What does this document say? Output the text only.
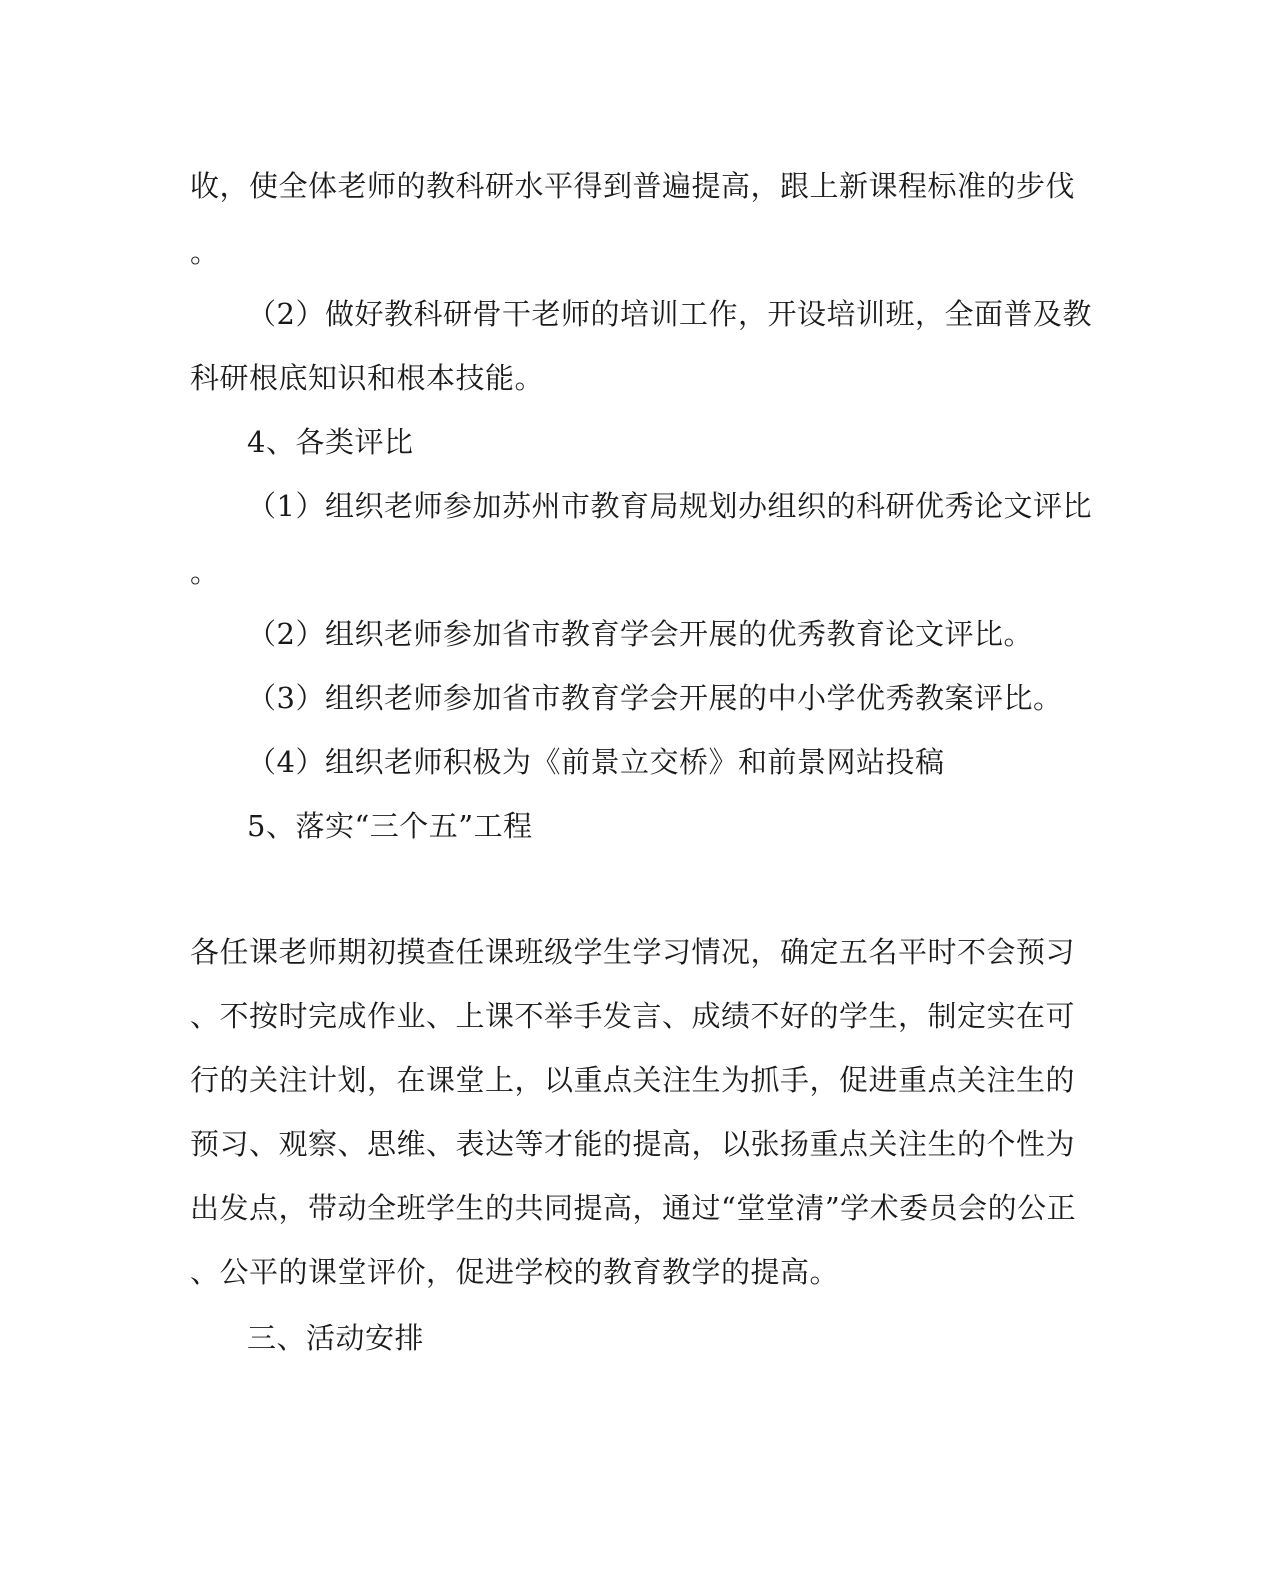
收，使全体老师的教科研水平得到普遍提高，跟上新课程标准的步伐
。
（2）做好教科研骨干老师的培训工作，开设培训班，全面普及教
科研根底知识和根本技能。
4、各类评比
（1）组织老师参加苏州市教育局规划办组织的科研优秀论文评比
。
（2）组织老师参加省市教育学会开展的优秀教育论文评比。
（3）组织老师参加省市教育学会开展的中小学优秀教案评比。
（4）组织老师积极为《前景立交桥》和前景网站投稿
5、落实“三个五”工程
各任课老师期初摸查任课班级学生学习情况，确定五名平时不会预习
、不按时完成作业、上课不举手发言、成绩不好的学生，制定实在可
行的关注计划，在课堂上，以重点关注生为抓手，促进重点关注生的
预习、观察、思维、表达等才能的提高，以张扬重点关注生的个性为
出发点，带动全班学生的共同提高，通过“堂堂清”学术委员会的公正
、公平的课堂评价，促进学校的教育教学的提高。
三、活动安排
